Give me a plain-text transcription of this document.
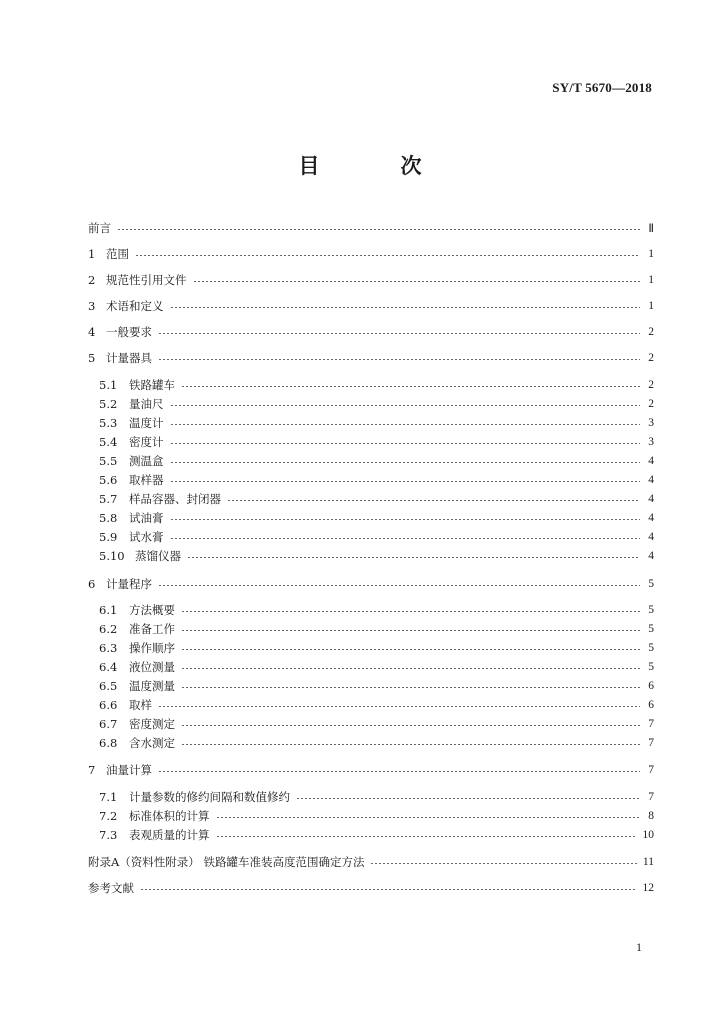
SY/T 5670—2018
目　次
前言	Ⅱ
1 范围	1
2 规范性引用文件	1
3 术语和定义	1
4 一般要求	2
5 计量器具	2
5.1	铁路罐车	2
5.2	量油尺	2
5.3	温度计	3
5.4	密度计	3
5.5	测温盒	4
5.6	取样器	4
5.7	样品容器、封闭器	4
5.8	试油膏	4
5.9	试水膏	4
5.10 蒸馏仪器	4
6 计量程序	5
6.1	方法概要	5
6.2	准备工作	5
6.3	操作顺序	5
6.4	液位测量	5
6.5	温度测量	6
6.6	取样	6
6.7	密度测定	7
6.8	含水测定	7
7 油量计算	7
7.1	计量参数的修约间隔和数值修约	7
7.2	标准体积的计算	8
7.3	表观质量的计算	10
附录A（资料性附录） 铁路罐车准装高度范围确定方法	11
参考文献	12
1
